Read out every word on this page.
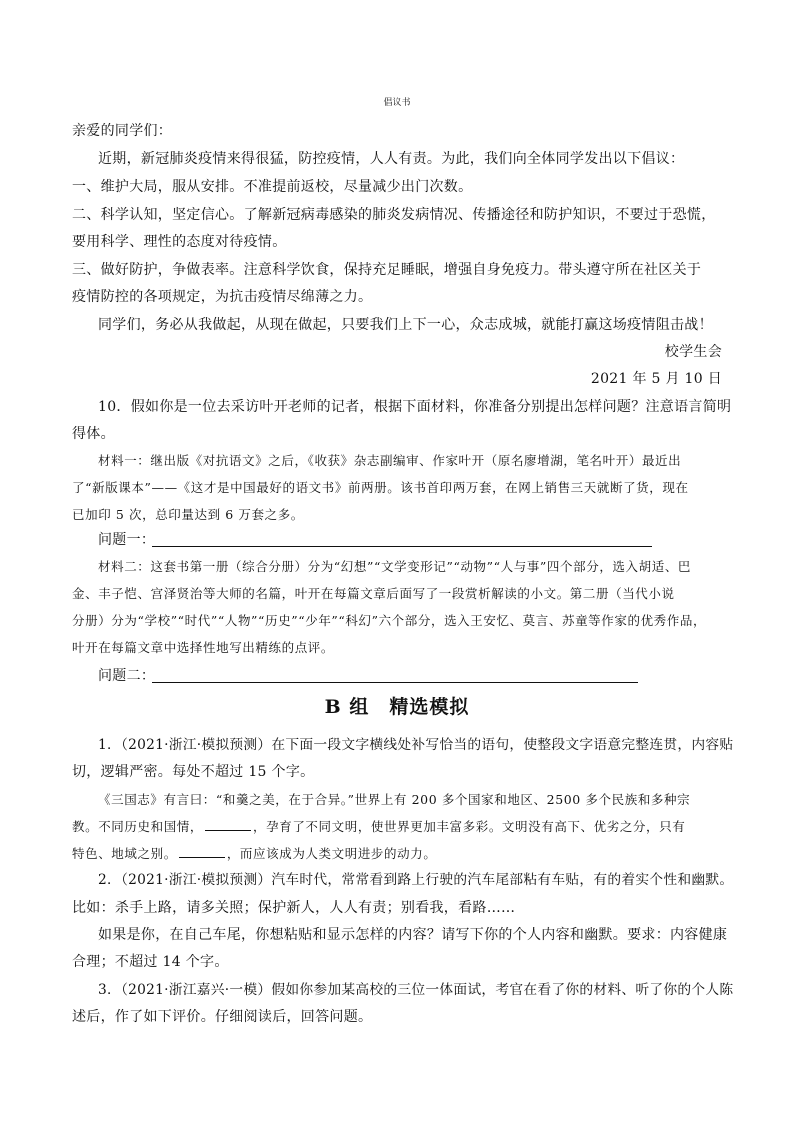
倡议书
亲爱的同学们：
近期，新冠肺炎疫情来得很猛，防控疫情，人人有责。为此，我们向全体同学发出以下倡议：
一、维护大局，服从安排。不准提前返校，尽量减少出门次数。
二、科学认知，坚定信心。了解新冠病毒感染的肺炎发病情况、传播途径和防护知识，不要过于恐慌，
要用科学、理性的态度对待疫情。
三、做好防护，争做表率。注意科学饮食，保持充足睡眠，增强自身免疫力。带头遵守所在社区关于
疫情防控的各项规定，为抗击疫情尽绵薄之力。
同学们，务必从我做起，从现在做起，只要我们上下一心，众志成城，就能打赢这场疫情阻击战！
校学生会
2021 年 5 月 10 日
10．假如你是一位去采访叶开老师的记者，根据下面材料，你准备分别提出怎样问题？注意语言简明
得体。
材料一：继出版《对抗语文》之后，《收获》杂志副编审、作家叶开（原名廖增湖，笔名叶开）最近出
了“新版课本”——《这才是中国最好的语文书》前两册。该书首印两万套，在网上销售三天就断了货，现在
已加印 5 次，总印量达到 6 万套之多。
问题一：
材料二：这套书第一册（综合分册）分为“幻想”“文学变形记”“动物”“人与事”四个部分，选入胡适、巴
金、丰子恺、宫泽贤治等大师的名篇，叶开在每篇文章后面写了一段赏析解读的小文。第二册（当代小说
分册）分为“学校”“时代”“人物”“历史”“少年”“科幻”六个部分，选入王安忆、莫言、苏童等作家的优秀作品，
叶开在每篇文章中选择性地写出精练的点评。
问题二：
B 组　精选模拟
1．（2021·浙江·模拟预测）在下面一段文字横线处补写恰当的语句，使整段文字语意完整连贯，内容贴
切，逻辑严密。每处不超过 15 个字。
《三国志》有言曰：“和羹之美，在于合异。”世界上有 200 多个国家和地区、2500 多个民族和多种宗
教。不同历史和国情，	，孕育了不同文明，使世界更加丰富多彩。文明没有高下、优劣之分，只有
特色、地域之别。	，而应该成为人类文明进步的动力。
2．（2021·浙江·模拟预测）汽车时代，常常看到路上行驶的汽车尾部粘有车贴，有的着实个性和幽默。
比如：杀手上路，请多关照；保护新人，人人有责；别看我，看路……
如果是你，在自己车尾，你想粘贴和显示怎样的内容？请写下你的个人内容和幽默。要求：内容健康
合理；不超过 14 个字。
3．（2021·浙江嘉兴·一模）假如你参加某高校的三位一体面试，考官在看了你的材料、听了你的个人陈
述后，作了如下评价。仔细阅读后，回答问题。
